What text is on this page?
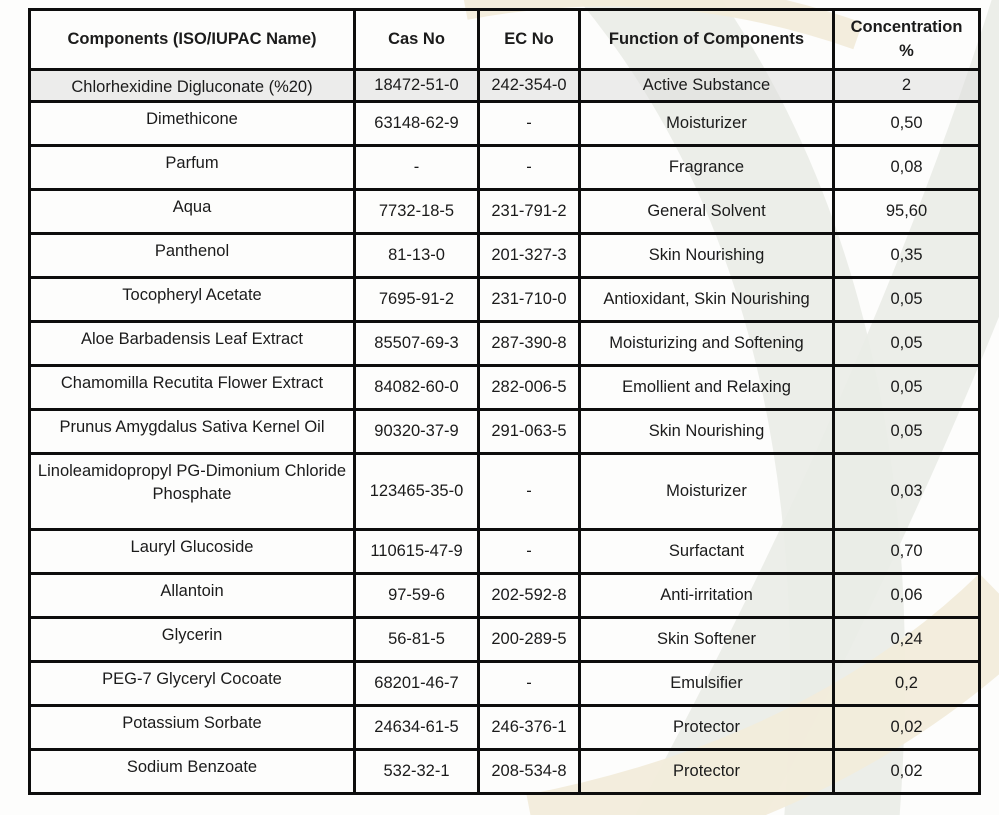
Components (ISO/IUPAC Name)	Cas No	EC No	Function of Components	Concentration %

Chlorhexidine Digluconate (%20)	18472-51-0	242-354-0	Active Substance	2
Dimethicone	63148-62-9	-	Moisturizer	0,50
Parfum	-	-	Fragrance	0,08
Aqua	7732-18-5	231-791-2	General Solvent	95,60
Panthenol	81-13-0	201-327-3	Skin Nourishing	0,35
Tocopheryl Acetate	7695-91-2	231-710-0	Antioxidant, Skin Nourishing	0,05
Aloe Barbadensis Leaf Extract	85507-69-3	287-390-8	Moisturizing and Softening	0,05
Chamomilla Recutita Flower Extract	84082-60-0	282-006-5	Emollient and Relaxing	0,05
Prunus Amygdalus Sativa Kernel Oil	90320-37-9	291-063-5	Skin Nourishing	0,05
Linoleamidopropyl PG-Dimonium Chloride Phosphate	123465-35-0	-	Moisturizer	0,03
Lauryl Glucoside	110615-47-9	-	Surfactant	0,70
Allantoin	97-59-6	202-592-8	Anti-irritation	0,06
Glycerin	56-81-5	200-289-5	Skin Softener	0,24
PEG-7 Glyceryl Cocoate	68201-46-7	-	Emulsifier	0,2
Potassium Sorbate	24634-61-5	246-376-1	Protector	0,02
Sodium Benzoate	532-32-1	208-534-8	Protector	0,02
